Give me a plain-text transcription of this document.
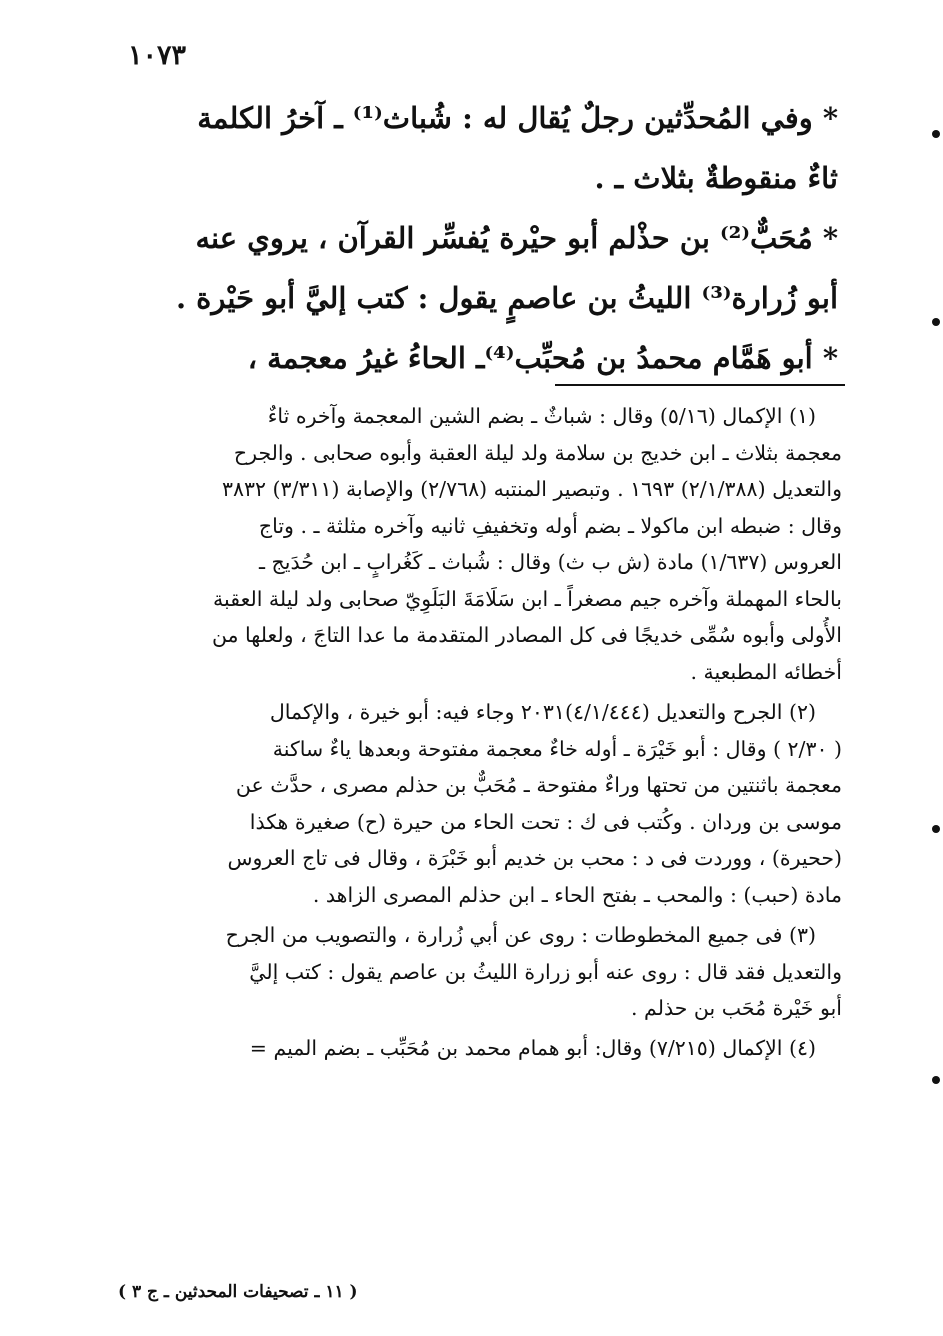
١٠٧٣
* وفي المُحدِّثين رجلٌ يُقال له : شُباث⁽¹⁾ ـ آخرُ الكلمة
ثاءٌ منقوطةٌ بثلاث ـ .
* مُحَبٌّ⁽²⁾ بن حذْلم أبو حيْرة يُفسِّر القرآن ، يروي عنه
أبو زُرارة⁽³⁾ الليثُ بن عاصمٍ يقول : كتب إليَّ أبو حَيْرة .
* أبو هَمَّام محمدُ بن مُحبِّب⁽⁴⁾ـ الحاءُ غيرُ معجمة ،
(١) الإكمال (٥/١٦) وقال : شباثٌ ـ بضم الشين المعجمة وآخره ثاءٌ
معجمة بثلاث ـ ابن خديج بن سلامة ولد ليلة العقبة وأبوه صحابى . والجرح
والتعديل (٢/١/٣٨٨) ١٦٩٣ . وتبصير المنتبه (٢/٧٦٨) والإصابة (٣/٣١١) ٣٨٣٢
وقال : ضبطه ابن ماكولا ـ بضم أوله وتخفيفِ ثانيه وآخره مثلثة ـ . وتاج
العروس (١/٦٣٧) مادة (ش ب ث) وقال : شُباث ـ كَغُرابٍ ـ ابن حُدَيج ـ
بالحاء المهملة وآخره جيم مصغراً ـ ابن سَلَامَةَ البَلَوِيّ صحابى ولد ليلة العقبة
الأُولى وأبوه سُمِّى خديجًا فى كل المصادر المتقدمة ما عدا التاجَ ، ولعلها من
أخطائه المطبعية .
(٢) الجرح والتعديل (٤/١/٤٤٤)٢٠٣١ وجاء فيه: أبو خيرة ، والإكمال
( ٢/٣٠ ) وقال : أبو خَيْرَة ـ أوله خاءٌ معجمة مفتوحة وبعدها ياءٌ ساكنة
معجمة باثنتين من تحتها وراءٌ مفتوحة ـ مُحَبٌّ بن حذلم مصرى ، حدَّث عن
موسى بن وردان . وكُتب فى ك : تحت الحاء من حيرة (ح) صغيرة هكذا
(ححيرة) ، ووردت فى د : محب بن خديم أبو خَبْرَة ، وقال فى تاج العروس
مادة (حبب) : والمحب ـ بفتح الحاء ـ ابن حذلم المصرى الزاهد .
(٣) فى جميع المخطوطات : روى عن أبي زُرارة ، والتصويب من الجرح
والتعديل فقد قال : روى عنه أبو زرارة الليثُ بن عاصم يقول : كتب إليَّ
أبو خَيْرة مُحَب بن حذلم .
(٤) الإكمال (٧/٢١٥) وقال: أبو همام محمد بن مُحَبِّب ـ بضم الميم =
( ١١ ـ تصحيفات المحدثين ـ ج ٣ )
